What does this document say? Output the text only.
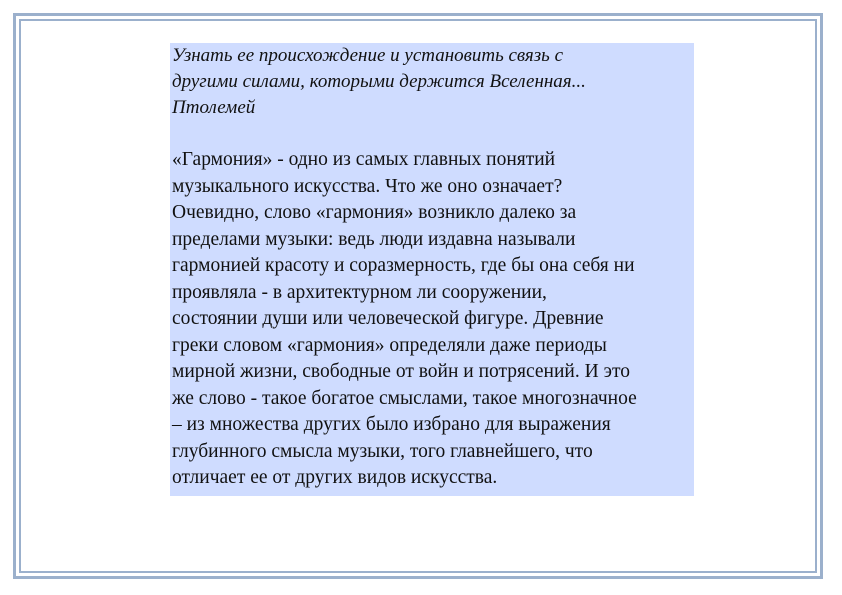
Узнать ее происхождение и установить связь с
другими силами, которыми держится Вселенная...
Птолемей

«Гармония» - одно из самых главных понятий
музыкального искусства. Что же оно означает?
Очевидно, слово «гармония» возникло далеко за
пределами музыки: ведь люди издавна называли
гармонией красоту и соразмерность, где бы она себя ни
проявляла - в архитектурном ли сооружении,
состоянии души или человеческой фигуре. Древние
греки словом «гармония» определяли даже периоды
мирной жизни, свободные от войн и потрясений. И это
же слово - такое богатое смыслами, такое многозначное
– из множества других было избрано для выражения
глубинного смысла музыки, того главнейшего, что
отличает ее от других видов искусства.
